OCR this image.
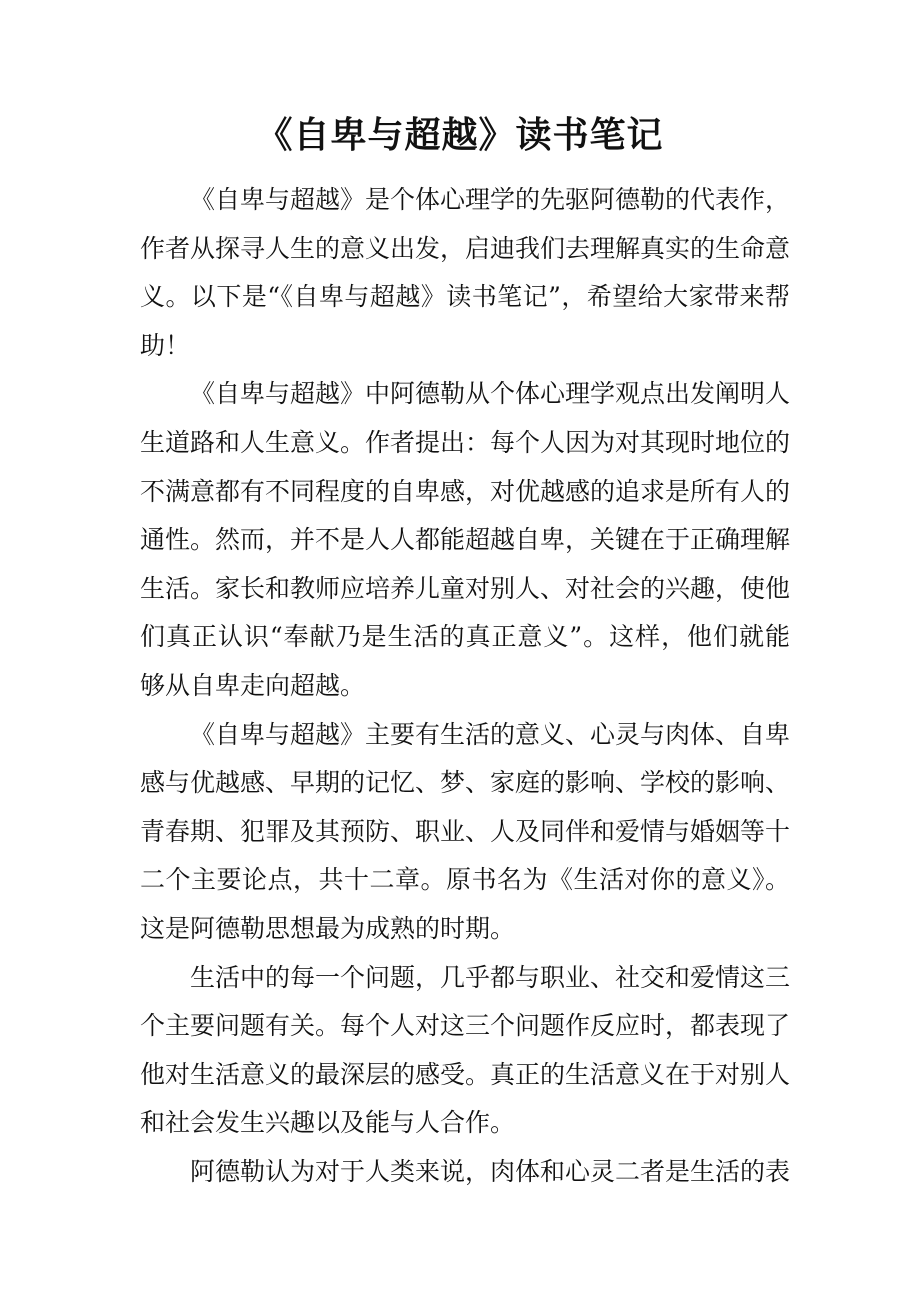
《自卑与超越》读书笔记

《自卑与超越》是个体心理学的先驱阿德勒的代表作，
作者从探寻人生的意义出发，启迪我们去理解真实的生命意
义。以下是“《自卑与超越》读书笔记”，希望给大家带来帮
助！

《自卑与超越》中阿德勒从个体心理学观点出发阐明人
生道路和人生意义。作者提出：每个人因为对其现时地位的
不满意都有不同程度的自卑感，对优越感的追求是所有人的
通性。然而，并不是人人都能超越自卑，关键在于正确理解
生活。家长和教师应培养儿童对别人、对社会的兴趣，使他
们真正认识“奉献乃是生活的真正意义”。这样，他们就能
够从自卑走向超越。

《自卑与超越》主要有生活的意义、心灵与肉体、自卑
感与优越感、早期的记忆、梦、家庭的影响、学校的影响、
青春期、犯罪及其预防、职业、人及同伴和爱情与婚姻等十
二个主要论点，共十二章。原书名为《生活对你的意义》。
这是阿德勒思想最为成熟的时期。

生活中的每一个问题，几乎都与职业、社交和爱情这三
个主要问题有关。每个人对这三个问题作反应时，都表现了
他对生活意义的最深层的感受。真正的生活意义在于对别人
和社会发生兴趣以及能与人合作。

阿德勒认为对于人类来说，肉体和心灵二者是生活的表
